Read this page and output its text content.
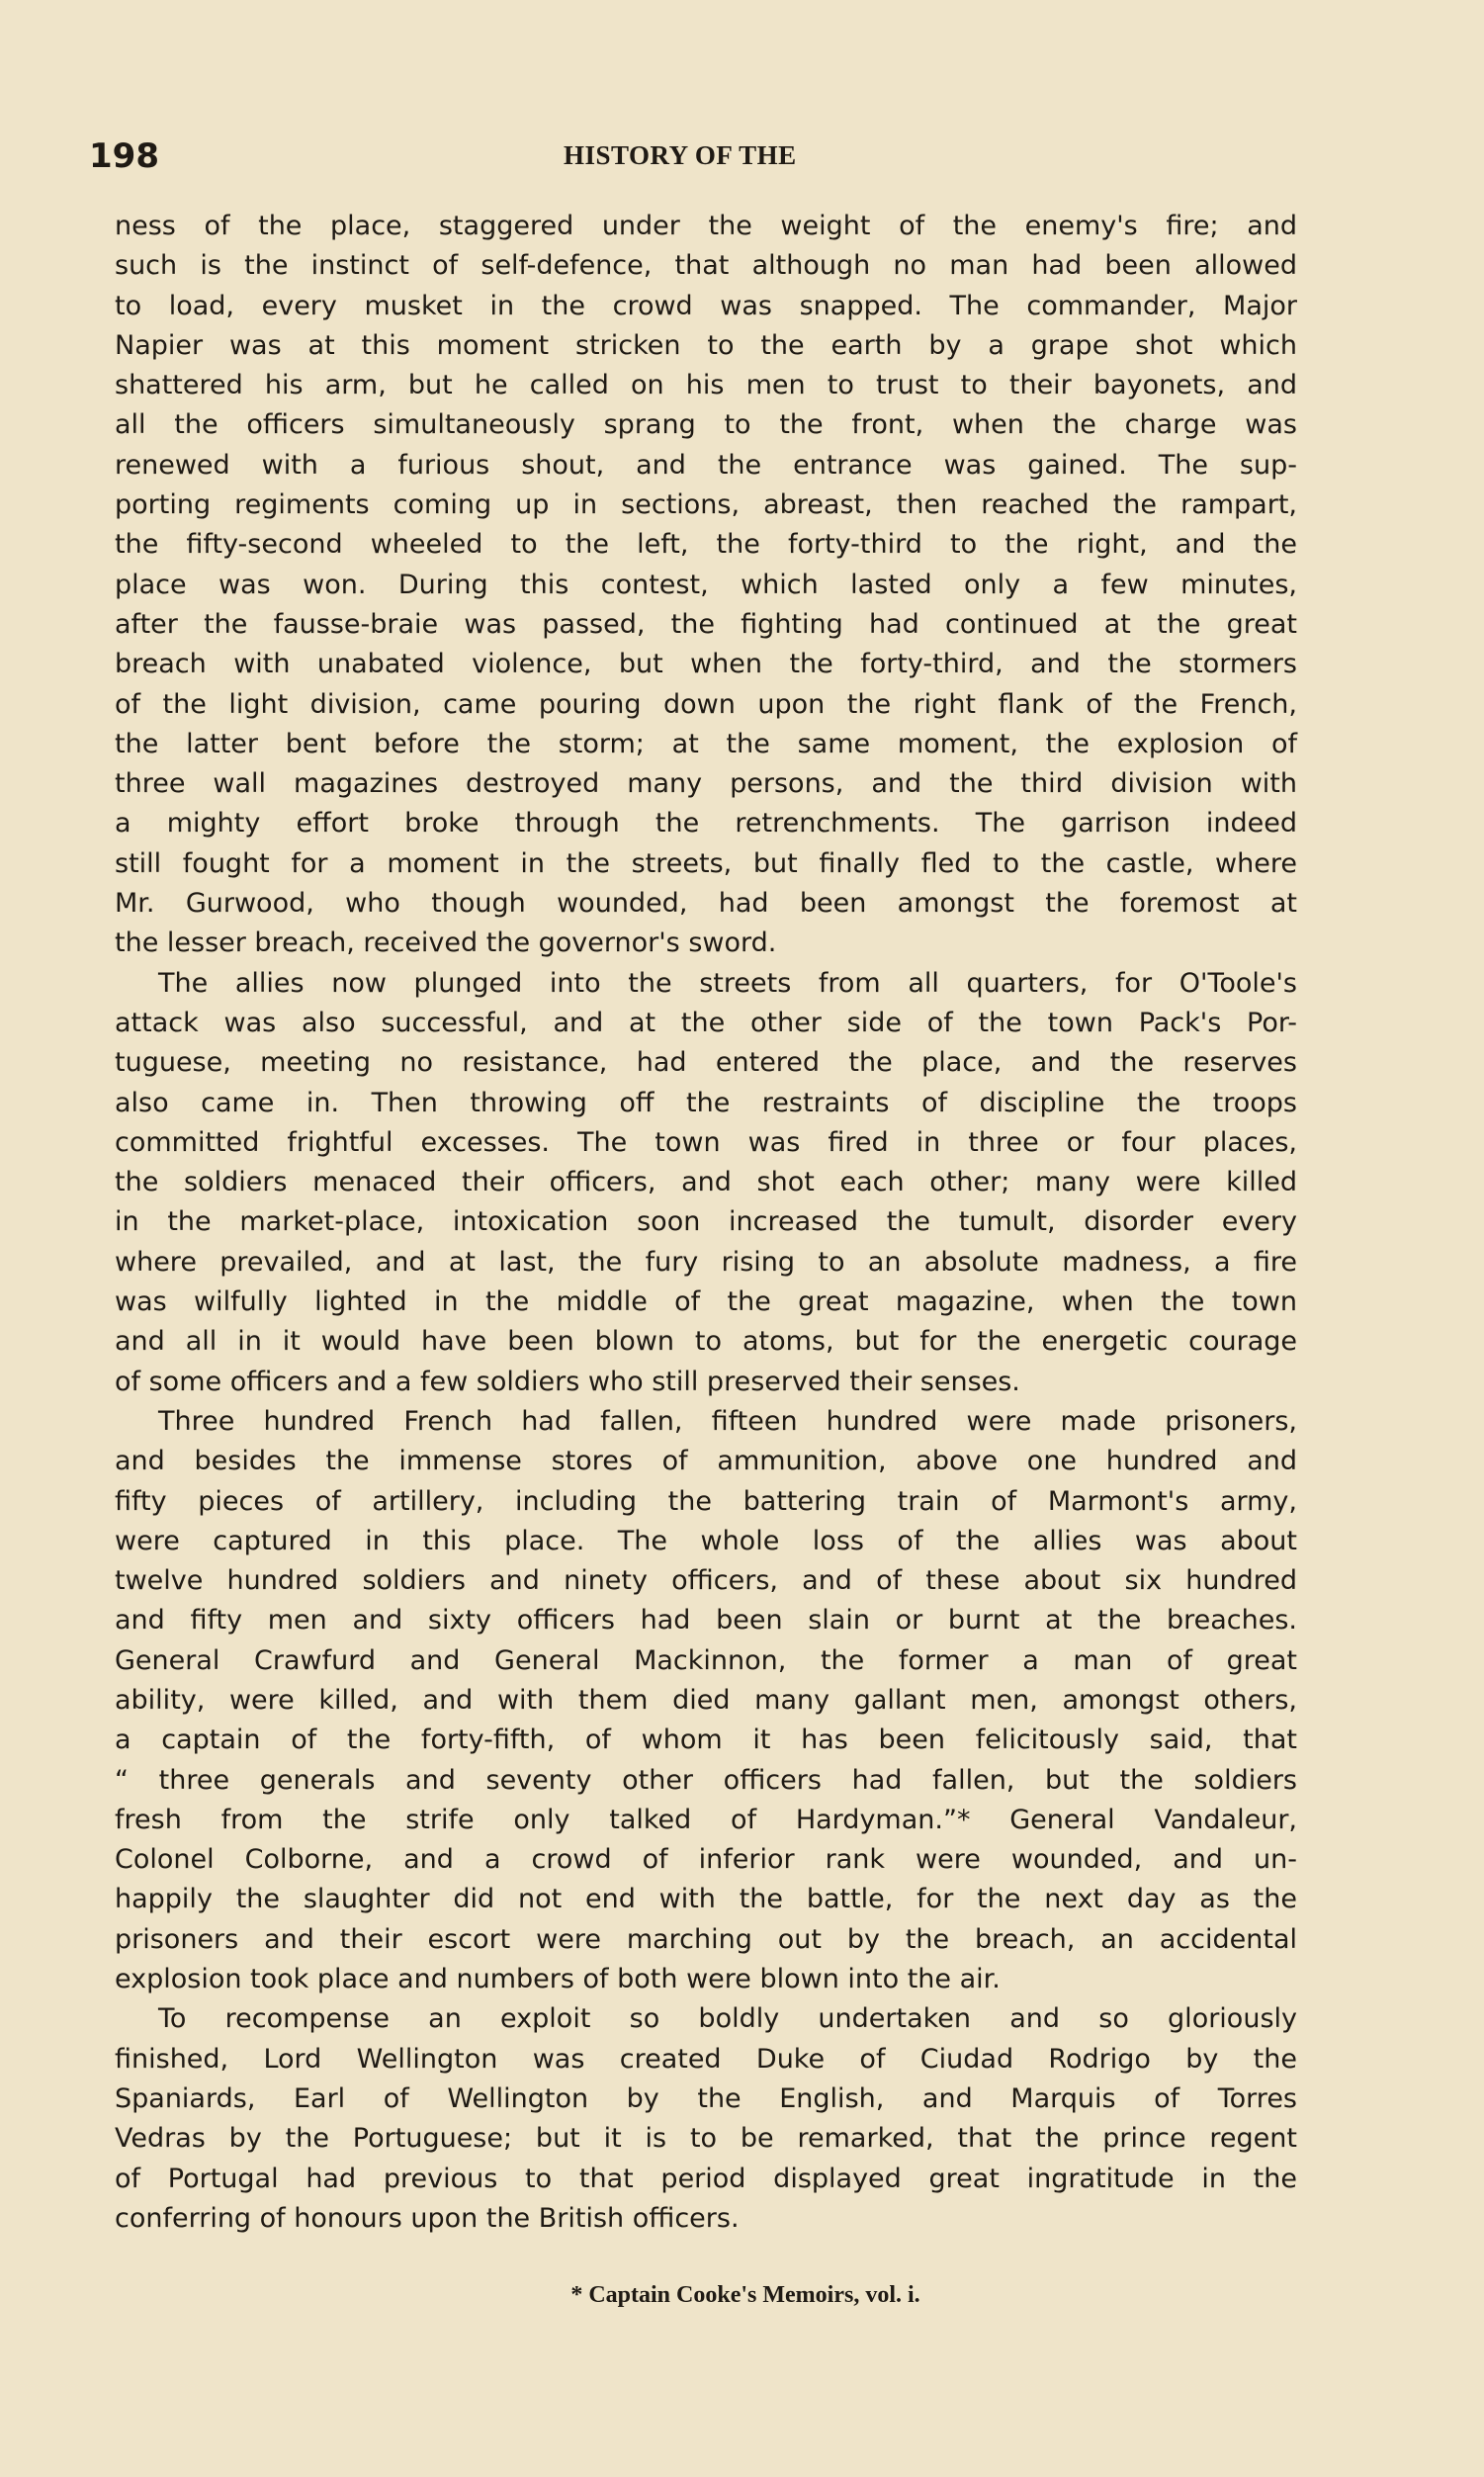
198	HISTORY OF THE

ness of the place, staggered under the weight of the enemy's fire; and
such is the instinct of self-defence, that although no man had been allowed
to load, every musket in the crowd was snapped. The commander, Major
Napier was at this moment stricken to the earth by a grape shot which
shattered his arm, but he called on his men to trust to their bayonets, and
all the officers simultaneously sprang to the front, when the charge was
renewed with a furious shout, and the entrance was gained. The sup-
porting regiments coming up in sections, abreast, then reached the rampart,
the fifty-second wheeled to the left, the forty-third to the right, and the
place was won. During this contest, which lasted only a few minutes,
after the fausse-braie was passed, the fighting had continued at the great
breach with unabated violence, but when the forty-third, and the stormers
of the light division, came pouring down upon the right flank of the French,
the latter bent before the storm; at the same moment, the explosion of
three wall magazines destroyed many persons, and the third division with
a mighty effort broke through the retrenchments. The garrison indeed
still fought for a moment in the streets, but finally fled to the castle, where
Mr. Gurwood, who though wounded, had been amongst the foremost at
the lesser breach, received the governor's sword.

The allies now plunged into the streets from all quarters, for O'Toole's
attack was also successful, and at the other side of the town Pack's Por-
tuguese, meeting no resistance, had entered the place, and the reserves
also came in. Then throwing off the restraints of discipline the troops
committed frightful excesses. The town was fired in three or four places,
the soldiers menaced their officers, and shot each other; many were killed
in the market-place, intoxication soon increased the tumult, disorder every
where prevailed, and at last, the fury rising to an absolute madness, a fire
was wilfully lighted in the middle of the great magazine, when the town
and all in it would have been blown to atoms, but for the energetic courage
of some officers and a few soldiers who still preserved their senses.

Three hundred French had fallen, fifteen hundred were made prisoners,
and besides the immense stores of ammunition, above one hundred and
fifty pieces of artillery, including the battering train of Marmont's army,
were captured in this place. The whole loss of the allies was about
twelve hundred soldiers and ninety officers, and of these about six hundred
and fifty men and sixty officers had been slain or burnt at the breaches.
General Crawfurd and General Mackinnon, the former a man of great
ability, were killed, and with them died many gallant men, amongst others,
a captain of the forty-fifth, of whom it has been felicitously said, that
“ three generals and seventy other officers had fallen, but the soldiers
fresh from the strife only talked of Hardyman.”* General Vandaleur,
Colonel Colborne, and a crowd of inferior rank were wounded, and un-
happily the slaughter did not end with the battle, for the next day as the
prisoners and their escort were marching out by the breach, an accidental
explosion took place and numbers of both were blown into the air.

To recompense an exploit so boldly undertaken and so gloriously
finished, Lord Wellington was created Duke of Ciudad Rodrigo by the
Spaniards, Earl of Wellington by the English, and Marquis of Torres
Vedras by the Portuguese; but it is to be remarked, that the prince regent
of Portugal had previous to that period displayed great ingratitude in the
conferring of honours upon the British officers.

* Captain Cooke's Memoirs, vol. i.
